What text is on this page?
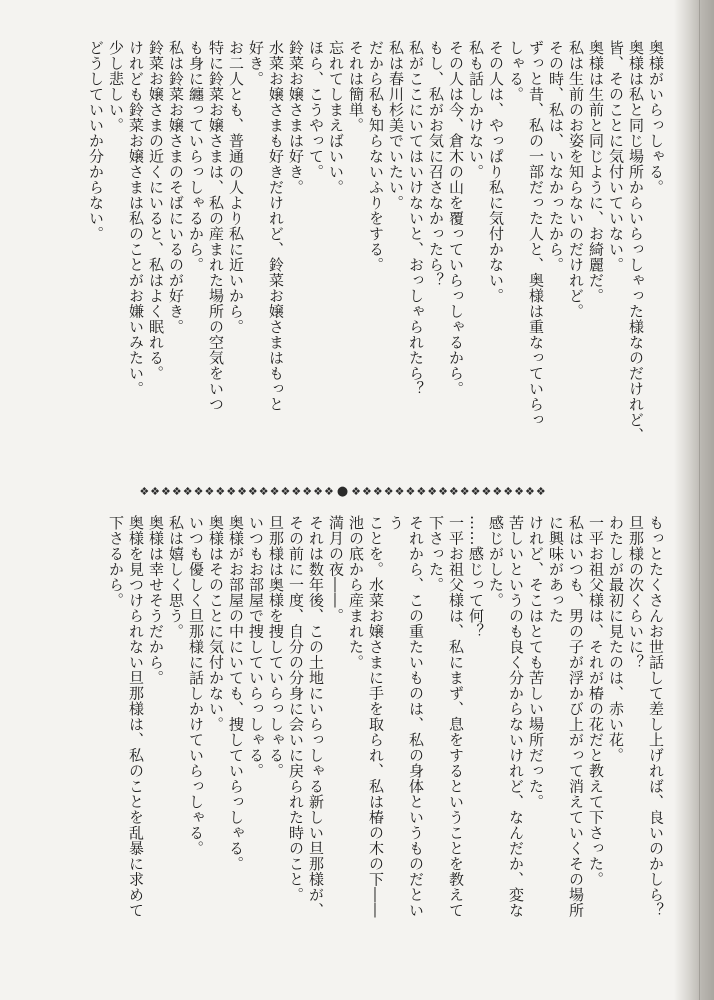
奥様がいらっしゃる。

奥様は私と同じ場所からいらっしゃった様なのだけれど、

皆、そのことに気付いていない。

奥様は生前と同じように、お綺麗だ。

私は生前のお姿を知らないのだけれど。

その時、私は、いなかったから。

ずっと昔、私の一部だった人と、奥様は重なっていらっ

しゃる。

その人は、やっぱり私に気付かない。

私も話しかけない。

その人は今、倉木の山を覆っていらっしゃるから。

もし、私がお気に召さなかったら？

私がここにいてはいけないと、おっしゃられたら？

私は春川杉美でいたい。

だから私も知らないふりをする。

それは簡単。

忘れてしまえばいい。

ほら、こうやって。

鈴菜お嬢さまは好き。

水菜お嬢さまも好きだけれど、鈴菜お嬢さまはもっと

好き。

お二人とも、普通の人より私に近いから。

特に鈴菜お嬢さまは、私の産まれた場所の空気をいつ

も身に纏っていらっしゃるから。

私は鈴菜お嬢さまのそばにいるのが好き。

鈴菜お嬢さまの近くにいると、私はよく眠れる。

けれども鈴菜お嬢さまは私のことがお嫌いみたい。

少し悲しい。

どうしていいか分からない。

❖❖❖❖❖❖❖❖❖❖❖❖❖❖❖❖❖❖ ● ❖❖❖❖❖❖❖❖❖❖❖❖❖❖❖❖❖❖

もっとたくさんお世話して差し上げれば、良いのかしら？

旦那様の次くらいに？

わたしが最初に見たのは、赤い花。

一平お祖父様は、それが椿の花だと教えて下さった。

私はいつも、男の子が浮かび上がって消えていくその場所

に興味があった

けれど、そこはとても苦しい場所だった。

苦しいというのも良く分からないけれど、なんだか、変な

感じがした。

……感じって何？

一平お祖父様は、私にまず、息をするということを教えて

下さった。

それから、この重たいものは、私の身体というものだとい

う

ことを。水菜お嬢さまに手を取られ、私は椿の木の下――

池の底から産まれた。

満月の夜――。

それは数年後、この土地にいらっしゃる新しい旦那様が、

その前に一度、自分の分身に会いに戻られた時のこと。

旦那様は奥様を捜していらっしゃる。

いつもお部屋で捜していらっしゃる。

奥様がお部屋の中にいても、捜していらっしゃる。

奥様はそのことに気付かない。

いつも優しく旦那様に話しかけていらっしゃる。

私は嬉しく思う。

奥様は幸せそうだから。

奥様を見つけられない旦那様は、私のことを乱暴に求めて

下さるから。
